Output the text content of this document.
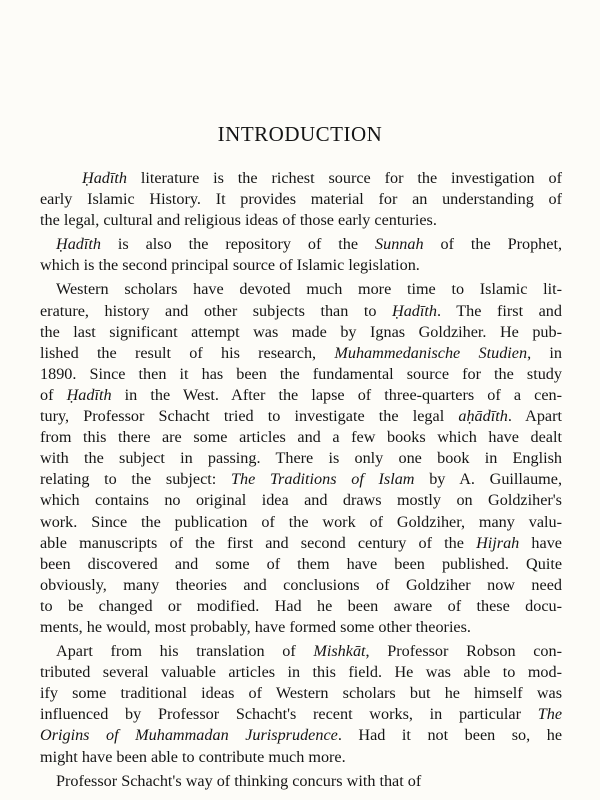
INTRODUCTION
Ḥadīth literature is the richest source for the investigation of
early Islamic History. It provides material for an understanding of
the legal, cultural and religious ideas of those early centuries.
Ḥadīth is also the repository of the Sunnah of the Prophet,
which is the second principal source of Islamic legislation.
Western scholars have devoted much more time to Islamic lit-
erature, history and other subjects than to Ḥadīth. The first and
the last significant attempt was made by Ignas Goldziher. He pub-
lished the result of his research, Muhammedanische Studien, in
1890. Since then it has been the fundamental source for the study
of Ḥadīth in the West. After the lapse of three-quarters of a cen-
tury, Professor Schacht tried to investigate the legal aḥādīth. Apart
from this there are some articles and a few books which have dealt
with the subject in passing. There is only one book in English
relating to the subject: The Traditions of Islam by A. Guillaume,
which contains no original idea and draws mostly on Goldziher's
work. Since the publication of the work of Goldziher, many valu-
able manuscripts of the first and second century of the Hijrah have
been discovered and some of them have been published. Quite
obviously, many theories and conclusions of Goldziher now need
to be changed or modified. Had he been aware of these docu-
ments, he would, most probably, have formed some other theories.
Apart from his translation of Mishkāt, Professor Robson con-
tributed several valuable articles in this field. He was able to mod-
ify some traditional ideas of Western scholars but he himself was
influenced by Professor Schacht's recent works, in particular The
Origins of Muhammadan Jurisprudence. Had it not been so, he
might have been able to contribute much more.
Professor Schacht's way of thinking concurs with that of
